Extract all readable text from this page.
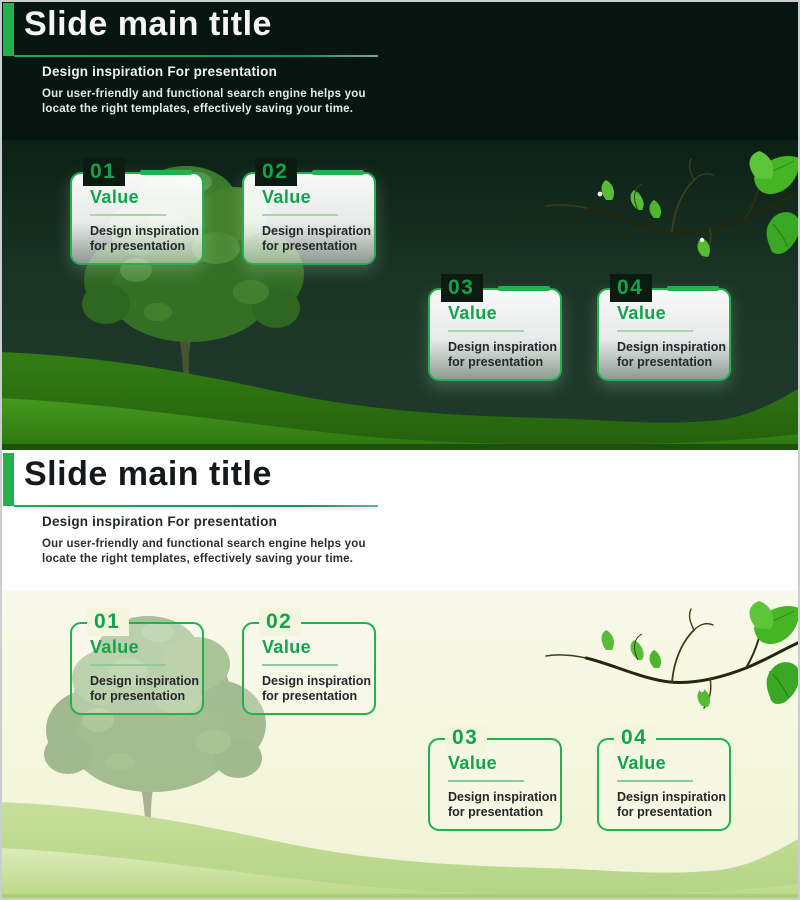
Slide main title

Design inspiration For presentation

Our user-friendly and functional search engine helps you
locate the right templates, effectively saving your time.

01
Value

Design inspiration
for presentation

02
Value

Design inspiration
for presentation

03
Value

Design inspiration
for presentation

04
Value

Design inspiration
for presentation

Slide main title

Design inspiration For presentation

Our user-friendly and functional search engine helps you
locate the right templates, effectively saving your time.

01
Value

Design inspiration
for presentation

02
Value

Design inspiration
for presentation

03
Value

Design inspiration
for presentation

04
Value

Design inspiration
for presentation
